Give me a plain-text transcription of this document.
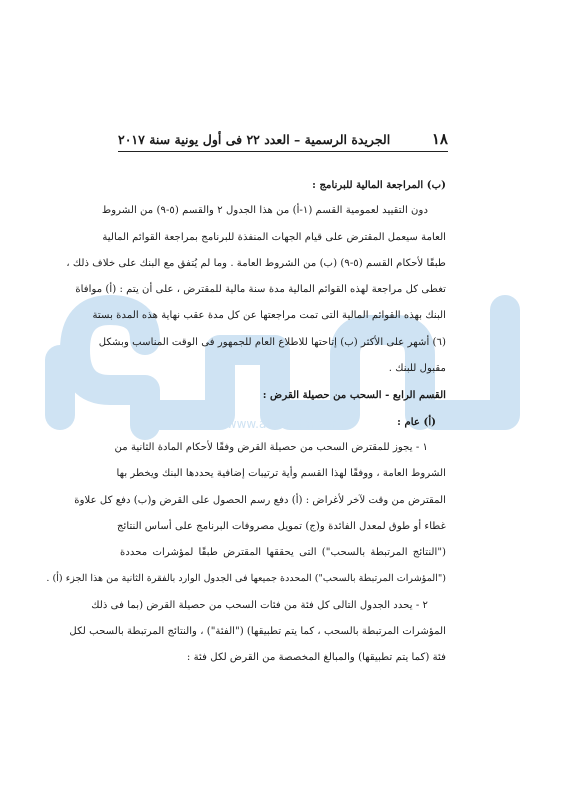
www.almasdar.com
١٨
الجريدة الرسمية – العدد ٢٢ فى أول يونية سنة ٢٠١٧
(ب) المراجعة المالية للبرنامج :
دون التقييد لعمومية القسم (١-أ) من هذا الجدول ٢ والقسم (٥-٩) من الشروط
العامة سيعمل المقترض على قيام الجهات المنفذة للبرنامج بمراجعة القوائم المالية
طبقًا لأحكام القسم (٥-٩) (ب) من الشروط العامة . وما لم يُتفق مع البنك على خلاف ذلك ،
تغطى كل مراجعة لهذه القوائم المالية مدة سنة مالية للمقترض ، على أن يتم : (أ) موافاة
البنك بهذه القوائم المالية التى تمت مراجعتها عن كل مدة عقب نهاية هذه المدة بستة
(٦) أشهر على الأكثر (ب) إتاحتها للاطلاع العام للجمهور فى الوقت المناسب وبشكل
مقبول للبنك .
القسم الرابع - السحب من حصيلة القرض :
(أ) عام :
١ - يجوز للمقترض السحب من حصيلة القرض وفقًا لأحكام المادة الثانية من
الشروط العامة ، ووفقًا لهذا القسم وأية ترتيبات إضافية يحددها البنك ويخطر بها
المقترض من وقت لآخر لأغراض : (أ) دفع رسم الحصول على القرض و(ب) دفع كل علاوة
غطاء أو طوق لمعدل الفائدة و(ج) تمويل مصروفات البرنامج على أساس النتائج
("النتائج المرتبطة بالسحب") التى يحققها المقترض طبقًا لمؤشرات محددة
("المؤشرات المرتبطة بالسحب") المحددة جميعها فى الجدول الوارد بالفقرة الثانية من هذا الجزء (أ) .
٢ - يحدد الجدول التالى كل فئة من فئات السحب من حصيلة القرض (بما فى ذلك
المؤشرات المرتبطة بالسحب ، كما يتم تطبيقها) ("الفئة") ، والنتائج المرتبطة بالسحب لكل
فئة (كما يتم تطبيقها) والمبالغ المخصصة من القرض لكل فئة :
